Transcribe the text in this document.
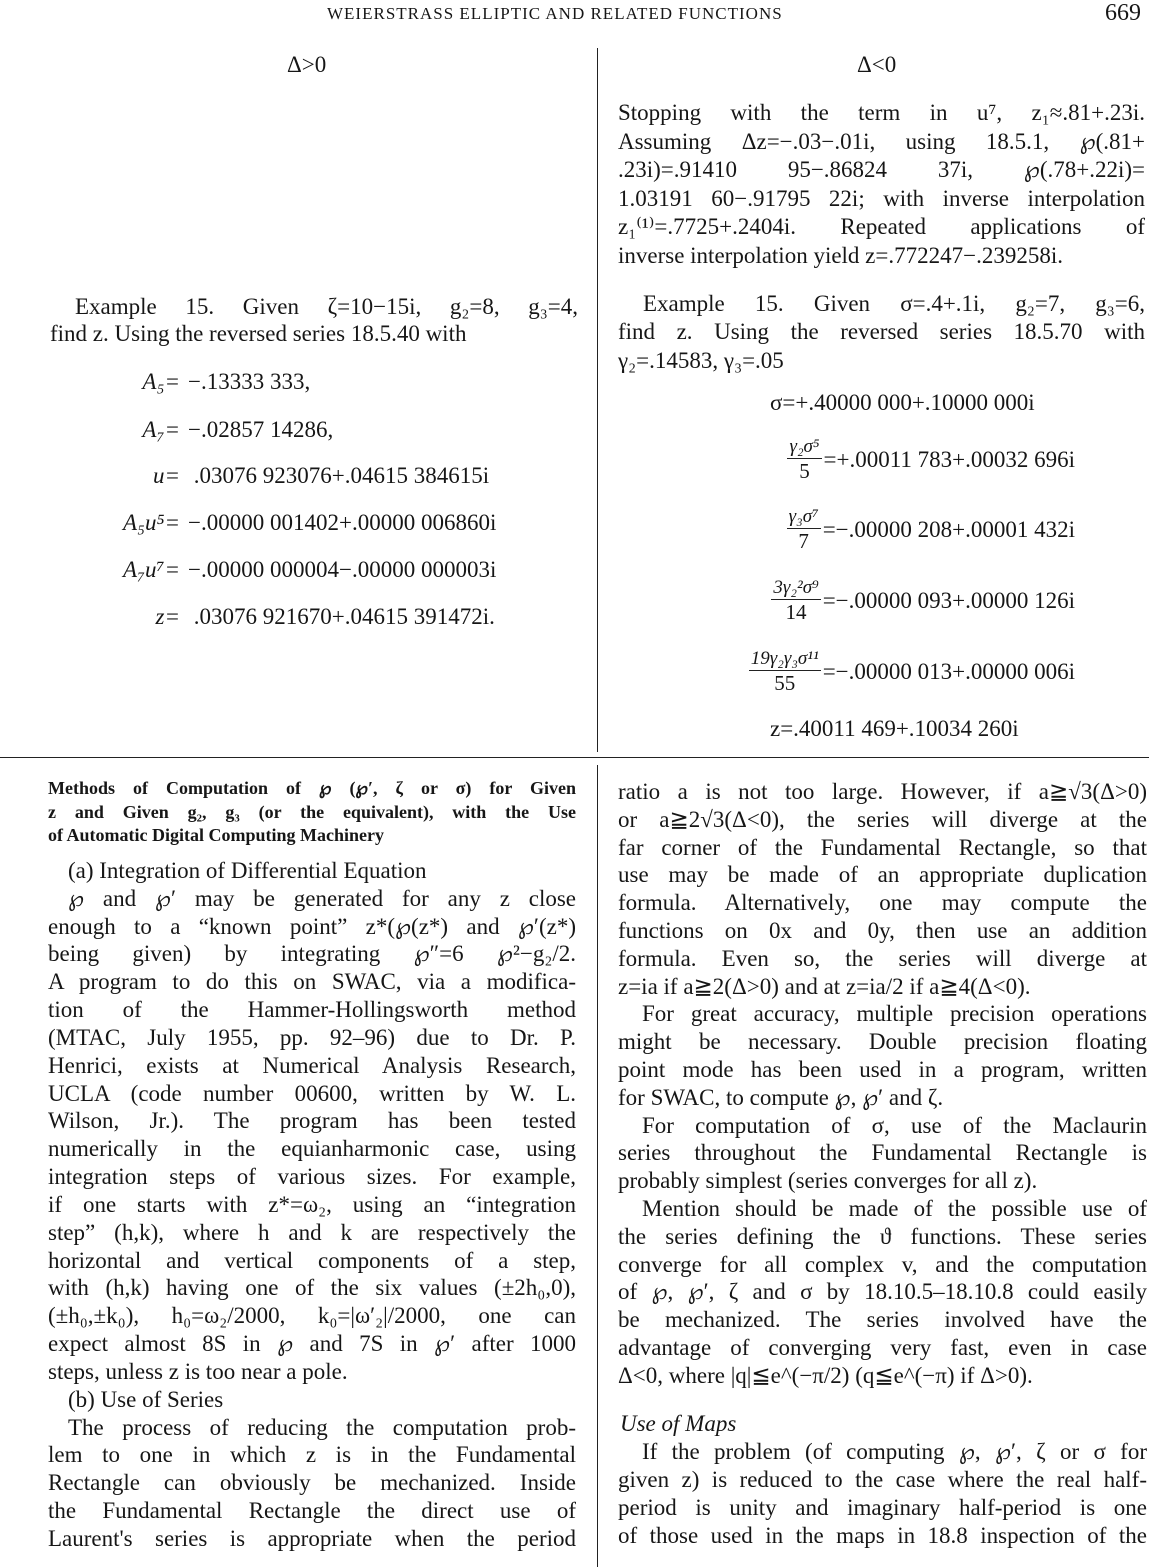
WEIERSTRASS ELLIPTIC AND RELATED FUNCTIONS	669
Δ>0	Δ<0
Stopping with the term in u⁷, z₁≈.81+.23i.
Assuming Δz=−.03−.01i, using 18.5.1, ℘(.81+
.23i)=.91410 95−.86824 37i, ℘(.78+.22i)=
1.03191 60−.91795 22i; with inverse interpolation
z₁⁽¹⁾=.7725+.2404i. Repeated applications of
inverse interpolation yield z=.772247−.239258i.
Example 15. Given ζ=10−15i, g₂=8, g₃=4,
find z. Using the reversed series 18.5.40 with
A₅= −.13333 333,
A₇= −.02857 14286,
u= .03076 923076+.04615 384615i
A₅u⁵= −.00000 001402+.00000 006860i
A₇u⁷= −.00000 000004−.00000 000003i
z= .03076 921670+.04615 391472i.
Example 15. Given σ=.4+.1i, g₂=7, g₃=6,
find z. Using the reversed series 18.5.70 with
γ₂=.14583, γ₃=.05
σ=+.40000 000+.10000 000i
$\frac{\text{γ₂σ⁵}}{5} =+.00011$ 783+.00032 696i
$\frac{\text{γ₃σ⁷}}{7} =-.00000$ 208+.00001 432i
$\frac{\text{3γ₂²σ⁹}}{14} =-.00000$ 093+.00000 126i
$\frac{\text{19γ₂γ₃σ¹¹}}{55} =-.00000$ 013+.00000 006i
z=.40011 469+.10034 260i
Methods of Computation of ℘ (℘′, ζ or σ) for Given
z and Given g₂, g₃ (or the equivalent), with the Use
of Automatic Digital Computing Machinery
(a) Integration of Differential Equation
℘ and ℘′ may be generated for any z close
enough to a “known point” z*(℘(z*) and ℘′(z*)
being given) by integrating ℘″=6 ℘²−g₂/2.
A program to do this on SWAC, via a modifica-
tion of the Hammer-Hollingsworth method
(MTAC, July 1955, pp. 92–96) due to Dr. P.
Henrici, exists at Numerical Analysis Research,
UCLA (code number 00600, written by W. L.
Wilson, Jr.). The program has been tested
numerically in the equianharmonic case, using
integration steps of various sizes. For example,
if one starts with z*=ω₂, using an “integration
step” (h,k), where h and k are respectively the
horizontal and vertical components of a step,
with (h,k) having one of the six values (±2h₀,0),
(±h₀,±k₀), h₀=ω₂/2000, k₀=|ω′₂|/2000, one can
expect almost 8S in ℘ and 7S in ℘′ after 1000
steps, unless z is too near a pole.
(b) Use of Series
The process of reducing the computation prob-
lem to one in which z is in the Fundamental
Rectangle can obviously be mechanized. Inside
the Fundamental Rectangle the direct use of
Laurent's series is appropriate when the period
ratio a is not too large. However, if a≧√3(Δ>0)
or a≧2√3(Δ<0), the series will diverge at the
far corner of the Fundamental Rectangle, so that
use may be made of an appropriate duplication
formula. Alternatively, one may compute the
functions on 0x and 0y, then use an addition
formula. Even so, the series will diverge at
z=ia if a≧2(Δ>0) and at z=ia/2 if a≧4(Δ<0).
For great accuracy, multiple precision operations
might be necessary. Double precision floating
point mode has been used in a program, written
for SWAC, to compute ℘, ℘′ and ζ.
For computation of σ, use of the Maclaurin
series throughout the Fundamental Rectangle is
probably simplest (series converges for all z).
Mention should be made of the possible use of
the series defining the ϑ functions. These series
converge for all complex v, and the computation
of ℘, ℘′, ζ and σ by 18.10.5–18.10.8 could easily
be mechanized. The series involved have the
advantage of converging very fast, even in case
Δ<0, where |q|≦e^(−π/2) (q≦e^(−π) if Δ>0).
Use of Maps
If the problem (of computing ℘, ℘′, ζ or σ for
given z) is reduced to the case where the real half-
period is unity and imaginary half-period is one
of those used in the maps in 18.8 inspection of the
